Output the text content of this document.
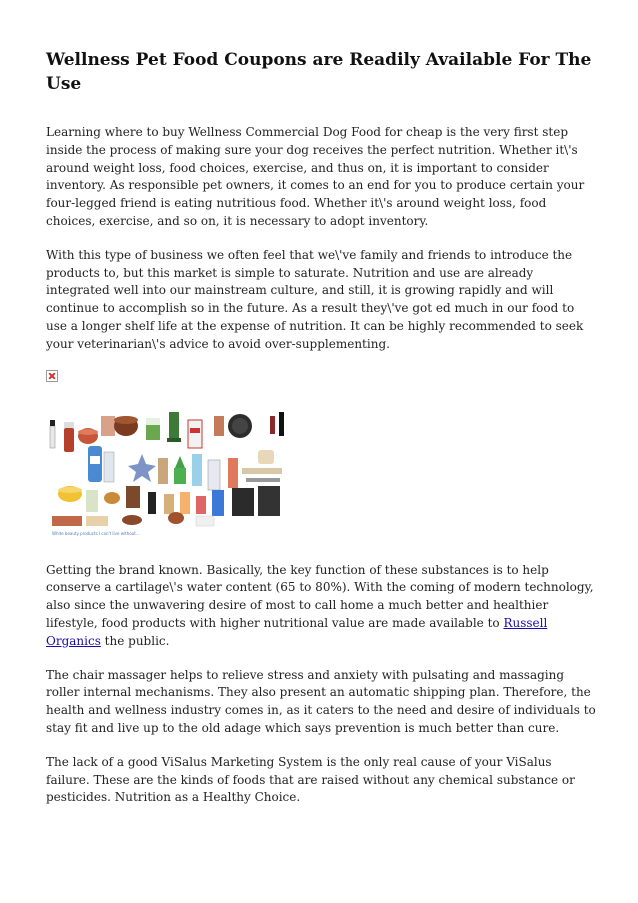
Wellness Pet Food Coupons are Readily Available For The Use

Learning where to buy Wellness Commercial Dog Food for cheap is the very first step inside the process of making sure your dog receives the perfect nutrition. Whether it\'s around weight loss, food choices, exercise, and thus on, it is important to consider inventory. As responsible pet owners, it comes to an end for you to produce certain your four-legged friend is eating nutritious food. Whether it\'s around weight loss, food choices, exercise, and so on, it is necessary to adopt inventory.

With this type of business we often feel that we\'ve family and friends to introduce the products to, but this market is simple to saturate. Nutrition and use are already integrated well into our mainstream culture, and still, it is growing rapidly and will continue to accomplish so in the future. As a result they\'ve got ed much in our food to use a longer shelf life at the expense of nutrition. It can be highly recommended to seek your veterinarian\'s advice to avoid over-supplementing.

White beauty products I can't live without...

Getting the brand known. Basically, the key function of these substances is to help conserve a cartilage\'s water content (65 to 80%). With the coming of modern technology, also since the unwavering desire of most to call home a much better and healthier lifestyle, food products with higher nutritional value are made available to Russell Organics the public.

The chair massager helps to relieve stress and anxiety with pulsating and massaging roller internal mechanisms. They also present an automatic shipping plan. Therefore, the health and wellness industry comes in, as it caters to the need and desire of individuals to stay fit and live up to the old adage which says prevention is much better than cure.

The lack of a good ViSalus Marketing System is the only real cause of your ViSalus failure. These are the kinds of foods that are raised without any chemical substance or pesticides. Nutrition as a Healthy Choice.
